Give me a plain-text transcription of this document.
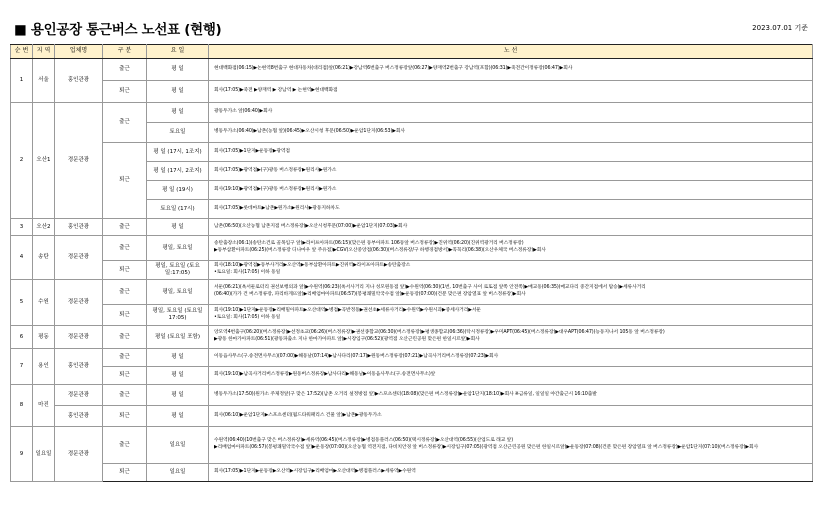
■ 용인공장 통근버스 노선표 (현행)	2023.07.01 기준
순 번	지 역	업체명	구 분	요 일	노 선
1	서울	홍인관광	출근	평 일	현대백화점(06:15)▶논현역8번출구 현대자동차(대리점)앞(06:21)▶강남역6번출구 버스정류장앞(06:27)▶양재역2번출구 강남역(포함)(06:31)▶죽전간이정류장(06:47)▶회사
			퇴근	평 일	회사(17:05)▶죽전 ▶양재역 ▶ 강남역 ▶ 논현역▶현대백화점
2	오산1	경문관광	출근	평 일	광동두가소 앞(06:40)▶회사
				토요일	병동두가소(06:40)▶남촌(농협 앞)(06:45)▶오산시청 후문(06:50)▶운암1단지(06:53)▶회사
			퇴근	평 일 (17시, 1조지)	회사(17:05)▶1단지▶운동장▶광역점
				평 일 (17시, 2조지)	회사(17:05)▶광역점▶(구)광동 버스정류장▶원리사▶원가소
				평 일 (19시)	회사(19:10)▶광역점▶(구)광동 버스정류장▶원리사▶원가소
				토요일 (17시)	회사(17:05)▶롯데마트▶남촌▶원가소▶원리사▶광동지하차도
3	오산2	홍인관광	출근	평 일	남촌(06:50)(오산농협 남촌지점 버스정류장)▶오산시청후문(07:00)▶운암1단지(07:03)▶회사
4	송탄	경문관광	출근	평일, 토요일	송탄출장소(06:1)(송탄소건로 골목입구 앞)▶라이프아파트(06:15)(맞은편 동부아파트 106동앞 버스정류장)▶진위역(06:20)(진위역광거리 버스정류장)
▶동부삼환아파트(06:25)(버스정류장 디나마우 앞 주유점)▶CGV(오산중앙점(06:30)(버스정류장/구 하행경점방서)▶꼭꼭리(06:38)(오산우체국 버스정류장)▶회사
			퇴근	평일, 토요일 (토요일:17:05)	회사(18:10)▶광역점▶동부사거리▶오산역▶동부삼환아파트▶진위역▶라이프아파트▶송탄출장소
•토요일: 회사(17:05) 이하 동일
5	수원	경문관광	출근	평일, 토요일	서둔(06:21)(옥서둔로터리 권선보행의과 앞)▶수원역(06:23)(옥서사거리 지나 성모원동점 앞)▶수원역(06:30)(1번, 10번출구 사이 로또점 앞쪽 안전쪽)▶매교동(06:35)(매교다리 중간지점에서 탑승)▶세류사거리
(06:40)(가가 건 버스정류장, 파리바게뜨앞)▶리배엄마아파트(06:57)(봉평쾌밀악국수점 앞)▶운동장(07:00)(건분 맞은편 장암열표 앞 버스정류장)▶회사
			퇴근	평일, 토요일 (토요일 17:05)	회사(19:10)▶1단지▶운동장▶리배밀아파트▶오산대역▶병점▶곡반정동▶권선초▶세류사거리▶수원역▶수원시과▶중세사거리▶서둔
•토요일: 회사(17:05) 이하 동일
6	평동	경문관광	출근	평일 (토요일 포함)	앙모역4번출구(06:20)(버스정류장)▶선정초교(06:26)(버스정류장)▶권선종합교(06:30)(버스정류장)▶평생종합교(06:36)(탁시정류장)▶우미APT(06:45)(버스정류장)▶대우APT(06:47)(능동지나서 105동 앞 버스정류장)
▶광동 한마가아파트(06:51)(광동파출소 지나 한마가아파트 앞)▶시장입구(06:52)(광역점 오산근린공원 맞은편 한일시르앞)▶회사
7	용인	홍인관광	출근	평 일	이동읍사무소(구.송전면사무소)(07:00)▶해동날(07:14)▶남사다리(07:17)▶원동버스정류장(07:21)▶남곡사거리버스정류장(07:23)▶회사
			퇴근	평 일	회사(19:10)▶남곡사거리버스정류장▶원동버스정류장▶남사다리▶해동날▶이동읍사무소(구.송전면사무소)앞
8	마진	경문관광	출근	평 일	병동두가소(17:50)(원가소 주제정앞(구 맞은 17:52)(남촌 오거리 설정방점 앞)▶스포츠센터(18:08)(맞은편 버스정류장)▶운암1단지(18:10)▶회사 ※금류일, 일일일 야간출근시 16:10출발
		홍인관광	퇴근	평 일	회사(06:10)▶운암1단지▶스포츠센터(월드타워패리스 건물 앞)▶남촌▶광동두가소
9	일요일	경문관광	출근	일요일	수원역(06:40)(10번출구 맞은 버스정류장)▶세류역(06:45)(버스정류장)▶병점동플러스(06:50)(택시정류장)▶오산대역(06:55)(산업도로 래교 앞)
▶리배엄마아파트(06:57)(봉평쾌밀악국수점 앞)▶운동장(07:00)(오산농협 역전지점, 다비치안경 앞 버스정류장)▶시장입구(07:05)(광역점 오산근린공원 맞은편 한일시르앞)▶운동장(07:08)(건분 맞은편 장암열표 앞 버스정류장)▶운암1단지(07:10)(버스정류장)▶회사
			퇴근	일요일	회사(17:05)▶1단지▶운동장▶오산역▶시장입구▶리배엄마▶오산대역▶병점플러스▶세류역▶수원역
